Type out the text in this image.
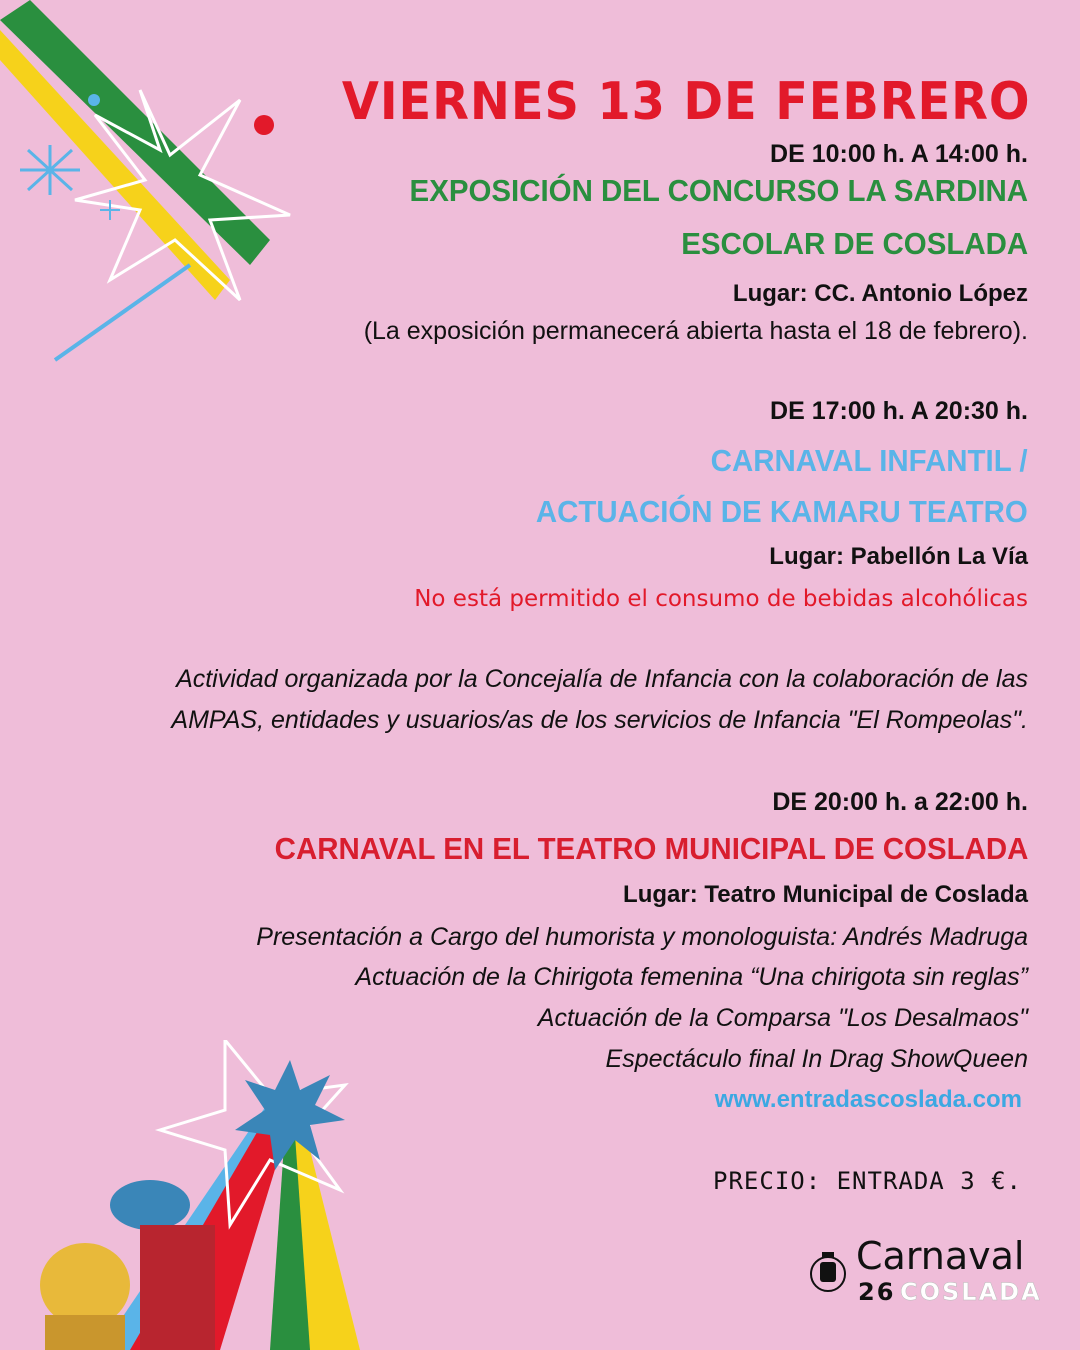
VIERNES 13 DE FEBRERO
DE 10:00 h. A 14:00 h.
EXPOSICIÓN DEL CONCURSO LA SARDINA
ESCOLAR DE COSLADA
Lugar: CC. Antonio López
(La exposición permanecerá abierta hasta el 18 de febrero).
DE 17:00 h. A 20:30 h.
CARNAVAL INFANTIL /
ACTUACIÓN DE KAMARU TEATRO
Lugar: Pabellón La Vía
No está permitido el consumo de bebidas alcohólicas
Actividad organizada por la Concejalía de Infancia con la colaboración de las
AMPAS, entidades y usuarios/as de los servicios de Infancia "El Rompeolas".
DE 20:00 h. a 22:00 h.
CARNAVAL EN EL TEATRO MUNICIPAL DE COSLADA
Lugar: Teatro Municipal de Coslada
Presentación a Cargo del humorista y monologuista: Andrés Madruga
Actuación de la Chirigota femenina “Una chirigota sin reglas”
Actuación de la Comparsa "Los Desalmaos"
Espectáculo final In Drag ShowQueen
www.entradascoslada.com
PRECIO: ENTRADA 3 €.
Carnaval
26 COSLADA
